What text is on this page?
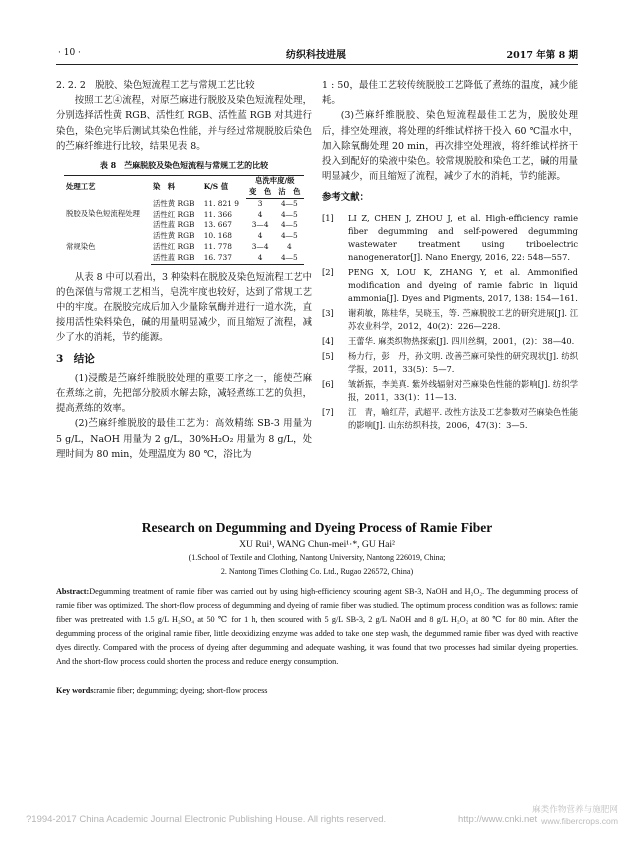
· 10 ·	纺织科技进展	2017 年第 8 期
2. 2. 2　脱胶、染色短流程工艺与常规工艺比较

按照工艺④流程，对原苎麻进行脱胶及染色短流程处理，分别选择活性黄 RGB、活性红 RGB、活性蓝 RGB 对其进行染色，染色完毕后测试其染色性能，并与经过常规脱胶后染色的苎麻纤维进行比较，结果见表 8。

表 8　苎麻脱胶及染色短流程与常规工艺的比较
处理工艺	染　料	K/S 值	皂洗牢度/级	
			变　色	沾　色
脱胶及染色短流程处理	活性黄 RGB	11. 821 9	3	4—5
	活性红 RGB	11. 366	4	4—5
	活性蓝 RGB	13. 667	3—4	4—5
常规染色	活性黄 RGB	10. 168	4	4—5
	活性红 RGB	11. 778	3—4	4
	活性蓝 RGB	16. 737	4	4—5

从表 8 中可以看出，3 种染料在脱胶及染色短流程工艺中的色深值与常规工艺相当，皂洗牢度也较好，达到了常规工艺中的牢度。在脱胶完成后加入少量除氧酶并进行一道水洗，直接用活性染料染色，碱的用量明显减少，而且缩短了流程，减少了水的消耗，节约能源。

3　结论

(1)浸酸是苎麻纤维脱胶处理的重要工序之一，能使苎麻在煮练之前，先把部分胶质水解去除，减轻煮练工艺的负担，提高煮练的效率。

(2)苎麻纤维脱胶的最佳工艺为：高效精练 SB-3 用量为 5 g/L，NaOH 用量为 2 g/L，30%H₂O₂ 用量为 8 g/L，处理时间为 80 min，处理温度为 80 ℃，浴比为

1 : 50，最佳工艺较传统脱胶工艺降低了煮练的温度，减少能耗。

(3)苎麻纤维脱胶、染色短流程最佳工艺为，脱胶处理后，排空处理液，将处理的纤维试样挤干投入 60 ℃温水中，加入除氧酶处理 20 min，再次排空处理液，将纤维试样挤干投入到配好的染液中染色。较常规脱胶和染色工艺，碱的用量明显减少，而且缩短了流程，减少了水的消耗，节约能源。

参考文献：
[1]	LI Z, CHEN J, ZHOU J, et al. High-efficiency ramie fiber degumming and self-powered degumming wastewater treatment using triboelectric nanogenerator[J]. Nano Energy, 2016, 22: 548—557.
[2]	PENG X, LOU K, ZHANG Y, et al. Ammonified modification and dyeing of ramie fabric in liquid ammonia[J]. Dyes and Pigments, 2017, 138: 154—161.
[3]	谢莉敏，陈桂华，吴晓玉，等. 苎麻脱胶工艺的研究进展[J]. 江苏农业科学，2012，40(2)：226—228.
[4]	王蕾华. 麻类织物热探索[J]. 四川丝绸，2001，(2)：38—40.
[5]	杨力行，彭　丹，孙文明. 改善苎麻可染性的研究现状[J]. 纺织学报，2011，33(5)：5—7.
[6]	皱新振，李美真. 紫外线辐射对苎麻染色性能的影响[J]. 纺织学报，2011，33(1)：11—13.
[7]	江　青，喻红芹，武超平. 改性方法及工艺参数对苎麻染色性能的影响[J]. 山东纺织科技，2006，47(3)：3—5.
Research on Degumming and Dyeing Process of Ramie Fiber
XU Rui¹, WANG Chun-mei¹·*, GU Hai²
(1.School of Textile and Clothing, Nantong University, Nantong 226019, China;
2. Nantong Times Clothing Co. Ltd., Rugao 226572, China)
Abstract:Degumming treatment of ramie fiber was carried out by using high-efficiency scouring agent SB-3, NaOH and H₂O₂. The degumming process of ramie fiber was optimized. The short-flow process of degumming and dyeing of ramie fiber was studied. The optimum process condition was as follows: ramie fiber was pretreated with 1.5 g/L H₂SO₄ at 50 ℃ for 1 h, then scoured with 5 g/L SB-3, 2 g/L NaOH and 8 g/L H₂O₂ at 80 ℃ for 80 min. After the degumming process of the original ramie fiber, little deoxidizing enzyme was added to take one step wash, the degummed ramie fiber was dyed with reactive dyes directly. Compared with the process of dyeing after degumming and adequate washing, it was found that two processes had similar dyeing properties. And the short-flow process could shorten the process and reduce energy consumption.
Key words:ramie fiber; degumming; dyeing; short-flow process
?1994-2017 China Academic Journal Electronic Publishing House. All rights reserved.	http://www.cnki.net
麻类作物营养与施肥网
www.fibercrops.com
